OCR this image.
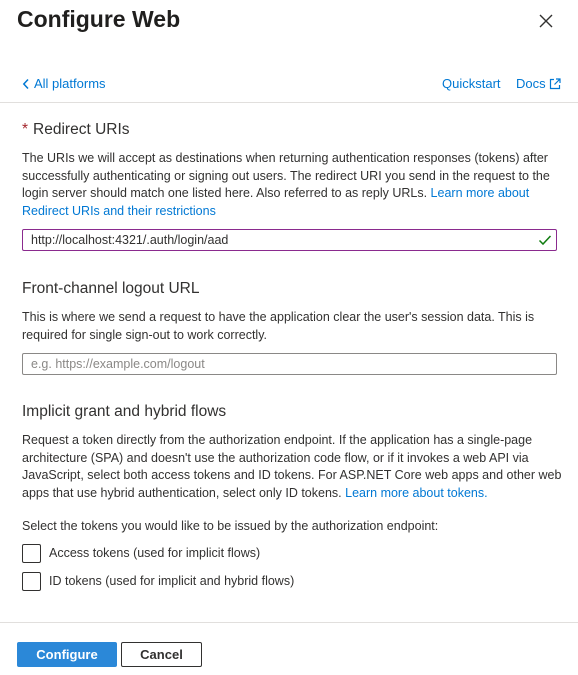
Configure Web
All platforms	Quickstart Docs
* Redirect URIs
The URIs we will accept as destinations when returning authentication responses (tokens) after successfully authenticating or signing out users. The redirect URI you send in the request to the login server should match one listed here. Also referred to as reply URLs. Learn more about Redirect URIs and their restrictions
http://localhost:4321/.auth/login/aad
Front-channel logout URL
This is where we send a request to have the application clear the user's session data. This is required for single sign-out to work correctly.
e.g. https://example.com/logout
Implicit grant and hybrid flows
Request a token directly from the authorization endpoint. If the application has a single-page architecture (SPA) and doesn't use the authorization code flow, or if it invokes a web API via JavaScript, select both access tokens and ID tokens. For ASP.NET Core web apps and other web apps that use hybrid authentication, select only ID tokens. Learn more about tokens.
Select the tokens you would like to be issued by the authorization endpoint:
Access tokens (used for implicit flows)
ID tokens (used for implicit and hybrid flows)
Configure	Cancel
